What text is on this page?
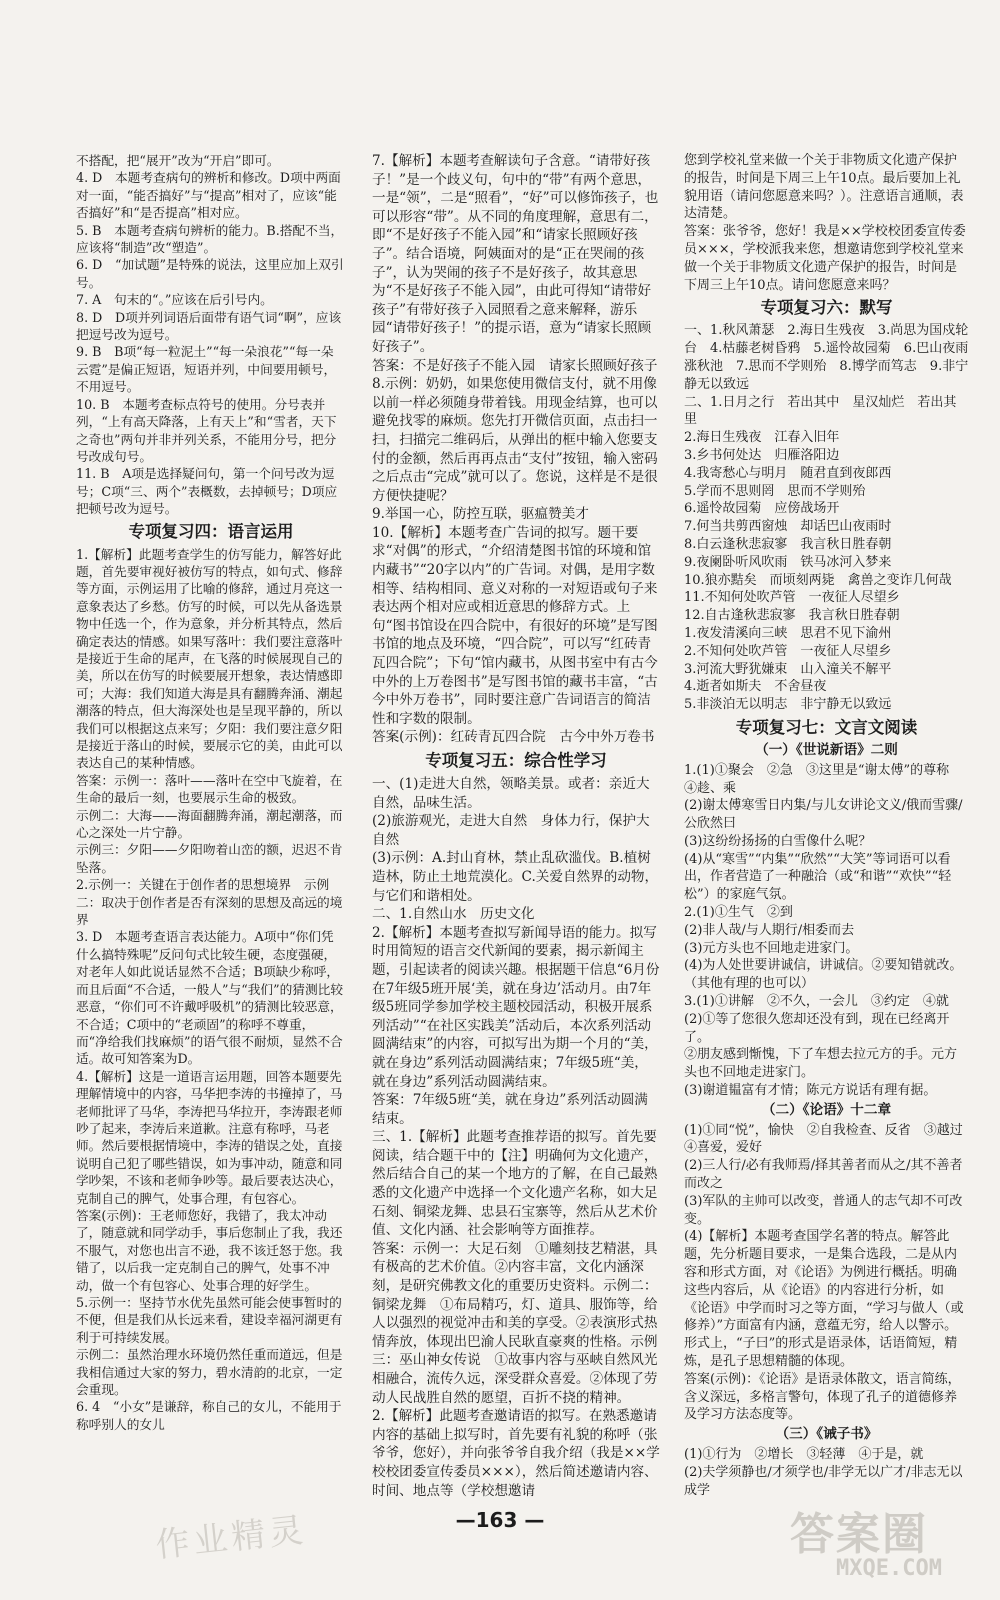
不搭配，把“展开”改为“开启”即可。

4. D　本题考查病句的辨析和修改。D项中两面对一面，“能否搞好”与“提高”相对了，应该“能否搞好”和“是否提高”相对应。

5. B　本题考查病句辨析的能力。B.搭配不当，应该将“制造”改“塑造”。

6. D　“加试题”是特殊的说法，这里应加上双引号。

7. A　句末的“。”应该在后引号内。

8. D　D项并列词语后面带有语气词“啊”，应该把逗号改为逗号。

9. B　B项“每一粒泥土”“每一朵浪花”“每一朵云霓”是偏正短语，短语并列，中间要用顿号，不用逗号。

10. B　本题考查标点符号的使用。分号表并列，“上有高天降落，上有天上”和“雪者，天下之奇也”两句并非并列关系，不能用分号，把分号改成句号。

11. B　A项是选择疑问句，第一个问号改为逗号；C项“三、两个”表概数，去掉顿号；D项应把顿号改为逗号。

专项复习四：语言运用

1.【解析】此题考查学生的仿写能力，解答好此题，首先要审视好被仿写的特点，如句式、修辞等方面，示例运用了比喻的修辞，通过月亮这一意象表达了乡愁。仿写的时候，可以先从备选景物中任选一个，作为意象，并分析其特点，然后确定表达的情感。如果写落叶：我们要注意落叶是接近于生命的尾声，在飞落的时候展现自己的美，所以在仿写的时候要展开想象，表达情感即可；大海：我们知道大海是具有翻腾奔涌、潮起潮落的特点，但大海深处也是呈现平静的，所以我们可以根据这点来写；夕阳：我们要注意夕阳是接近于落山的时候，要展示它的美，由此可以表达自己的某种情感。

答案：示例一：落叶——落叶在空中飞旋着，在生命的最后一刻，也要展示生命的极致。

示例二：大海——海面翻腾奔涌，潮起潮落，而心之深处一片宁静。

示例三：夕阳——夕阳吻着山峦的额，迟迟不肯坠落。

2.示例一：关键在于创作者的思想境界　示例二：取决于创作者是否有深刻的思想及高远的境界

3. D　本题考查语言表达能力。A项中“你们凭什么搞特殊呢”反问句式比较生硬，态度强硬，对老年人如此说话显然不合适；B项缺少称呼，而且后面“不合适，一般人”与“我们”的猜测比较恶意，“你们可不许戴呼吸机”的猜测比较恶意，不合适；C项中的“老顽固”的称呼不尊重，而“净给我们找麻烦”的语气很不耐烦，显然不合适。故可知答案为D。

4.【解析】这是一道语言运用题，回答本题要先理解情境中的内容，马华把李涛的书撞掉了，马老师批评了马华，李涛把马华拉开，李涛跟老师吵了起来，李涛后来道歉。注意有称呼，马老师。然后要根据情境中，李涛的错误之处，直接说明自己犯了哪些错误，如为事冲动，随意和同学吵架，不该和老师争吵等。最后要表达决心，克制自己的脾气，处事合理，有包容心。

答案(示例)：王老师您好，我错了，我太冲动了，随意就和同学动手，事后您制止了我，我还不服气，对您也出言不逊，我不该迁怒于您。我错了，以后我一定克制自己的脾气，处事不冲动，做一个有包容心、处事合理的好学生。

5.示例一：坚持节水优先虽然可能会使事暂时的不便，但是我们从长远来看，建设幸福河湖更有利于可持续发展。

示例二：虽然治理水环境仍然任重而道远，但是我相信通过大家的努力，碧水清韵的北京，一定会重现。

6. 4　“小女”是谦辞，称自己的女儿，不能用于称呼别人的女儿

7.【解析】本题考查解读句子含意。“请带好孩子！”是一个歧义句，句中的“带”有两个意思，一是“领”，二是“照看”，“好”可以修饰孩子，也可以形容“带”。从不同的角度理解，意思有二，即“不是好孩子不能入园”和“请家长照顾好孩子”。结合语境，阿姨面对的是“正在哭闹的孩子”，认为哭闹的孩子不是好孩子，故其意思为“不是好孩子不能入园”，由此可得知“请带好孩子”有带好孩子入园照看之意来解释，游乐园“请带好孩子！”的提示语，意为“请家长照顾好孩子”。

答案：不是好孩子不能入园　请家长照顾好孩子

8.示例：奶奶，如果您使用微信支付，就不用像以前一样必须随身带着钱。用现金结算，也可以避免找零的麻烦。您先打开微信页面，点击扫一扫，扫描完二维码后，从弹出的框中输入您要支付的金额，然后再再点击“支付”按钮，输入密码之后点击“完成”就可以了。您说，这样是不是很方便快捷呢？

9.举国一心，防控互联，驱瘟赞美才

10.【解析】本题考查广告词的拟写。题干要求“对偶”的形式，“介绍清楚图书馆的环境和馆内藏书”“20字以内”的广告词。对偶，是用字数相等、结构相同、意义对称的一对短语或句子来表达两个相对应或相近意思的修辞方式。上句“图书馆设在四合院中，有很好的环境”是写图书馆的地点及环境，“四合院”，可以写“红砖青瓦四合院”；下句“馆内藏书，从图书室中有古今中外的上万卷图书”是写图书馆的藏书丰富，“古今中外万卷书”，同时要注意广告词语言的简洁性和字数的限制。

答案(示例)：红砖青瓦四合院　古今中外万卷书

专项复习五：综合性学习

一、(1)走进大自然，领略美景。或者：亲近大自然，品味生活。

(2)旅游观光，走进大自然　身体力行，保护大自然

(3)示例：A.封山育林，禁止乱砍滥伐。B.植树造林，防止土地荒漠化。C.关爱自然界的动物，与它们和谐相处。

二、1.自然山水　历史文化

2.【解析】本题考查拟写新闻导语的能力。拟写时用简短的语言交代新闻的要素，揭示新闻主题，引起读者的阅读兴趣。根据题干信息“6月份在7年级5班开展‘美，就在身边’活动月。由7年级5班同学参加学校主题校园活动，积极开展系列活动”“在社区实践美”活动后，本次系列活动圆满结束”的内容，可拟写出为期一个月的“美，就在身边”系列活动圆满结束；7年级5班“美，就在身边”系列活动圆满结束。

答案：7年级5班“美，就在身边”系列活动圆满结束。

三、1.【解析】此题考查推荐语的拟写。首先要阅读，结合题干中的【注】明确何为文化遗产，然后结合自己的某一个地方的了解，在自己最熟悉的文化遗产中选择一个文化遗产名称，如大足石刻、铜梁龙舞、忠县石宝寨等，然后从艺术价值、文化内涵、社会影响等方面推荐。

答案：示例一：大足石刻　①雕刻技艺精湛，具有极高的艺术价值。②内容丰富，文化内涵深刻，是研究佛教文化的重要历史资料。示例二：铜梁龙舞　①布局精巧，灯、道具、服饰等，给人以强烈的视觉冲击和美的享受。②表演形式热情奔放，体现出巴渝人民耿直豪爽的性格。示例三：巫山神女传说　①故事内容与巫峡自然风光相融合，流传久远，深受群众喜爱。②体现了劳动人民战胜自然的愿望，百折不挠的精神。

2.【解析】此题考查邀请语的拟写。在熟悉邀请内容的基础上拟写时，首先要有礼貌的称呼（张爷爷，您好），并向张爷爷自我介绍（我是××学校校团委宣传委员×××），然后简述邀请内容、时间、地点等（学校想邀请

您到学校礼堂来做一个关于非物质文化遗产保护的报告，时间是下周三上午10点。最后要加上礼貌用语（请问您愿意来吗？）。注意语言通顺，表达清楚。

答案：张爷爷，您好！我是××学校校团委宣传委员×××，学校派我来您，想邀请您到学校礼堂来做一个关于非物质文化遗产保护的报告，时间是下周三上午10点。请问您愿意来吗？

专项复习六：默写

一、1.秋风萧瑟　2.海日生残夜　3.尚思为国戍轮台　4.枯藤老树昏鸦　5.遥怜故园菊　6.巴山夜雨涨秋池　7.思而不学则殆　8.博学而笃志　9.非宁静无以致远

二、1.日月之行　若出其中　星汉灿烂　若出其里

2.海日生残夜　江春入旧年

3.乡书何处达　归雁洛阳边

4.我寄愁心与明月　随君直到夜郎西

5.学而不思则罔　思而不学则殆

6.遥怜故园菊　应傍战场开

7.何当共剪西窗烛　却话巴山夜雨时

8.白云逢秋悲寂寥　我言秋日胜春朝

9.夜阑卧听风吹雨　铁马冰河入梦来

10.狼亦黠矣　而顷刻两毙　禽兽之变诈几何哉

11.不知何处吹芦管　一夜征人尽望乡

12.自古逢秋悲寂寥　我言秋日胜春朝

1.夜发清溪向三峡　思君不见下渝州

2.不知何处吹芦管　一夜征人尽望乡

3.河流大野犹嫌束　山入潼关不解平

4.逝者如斯夫　不舍昼夜

5.非淡泊无以明志　非宁静无以致远

专项复习七：文言文阅读
（一）《世说新语》二则

1.(1)①聚会　②急　③这里是“谢太傅”的尊称　④趁、乘

(2)谢太傅寒雪日内集/与儿女讲论文义/俄而雪骤/公欣然曰

(3)这纷纷扬扬的白雪像什么呢？

(4)从“寒雪”“内集”“欣然”“大笑”等词语可以看出，作者营造了一种融洽（或“和谐”“欢快”“轻松”）的家庭气氛。

2.(1)①生气　②到

(2)非人哉/与人期行/相委而去

(3)元方头也不回地走进家门。

(4)为人处世要讲诚信，讲诚信。②要知错就改。（其他有理的也可以）

3.(1)①讲解　②不久，一会儿　③约定　④就

(2)①等了您很久您却还没有到，现在已经离开了。

②朋友感到惭愧，下了车想去拉元方的手。元方头也不回地走进家门。

(3)谢道韫富有才情；陈元方说话有理有据。

（二）《论语》十二章

(1)①同“悦”，愉快　②自我检查、反省　③越过　④喜爱，爱好

(2)三人行/必有我师焉/择其善者而从之/其不善者而改之

(3)军队的主帅可以改变，普通人的志气却不可改变。

(4)【解析】本题考查国学名著的特点。解答此题，先分析题目要求，一是集合选段，二是从内容和形式方面，对《论语》为例进行概括。明确这些内容后，从《论语》的内容进行分析，如《论语》中学而时习之等方面，“学习与做人（或修养）”方面富有内涵，意蕴无穷，给人以警示。形式上，“子曰”的形式是语录体，话语简短，精炼，是孔子思想精髓的体现。

答案(示例)：《论语》是语录体散文，语言简练，含义深远，多格言警句，体现了孔子的道德修养及学习方法态度等。

（三）《诫子书》

(1)①行为　②增长　③轻薄　④于是，就

(2)夫学须静也/才须学也/非学无以广才/非志无以成学

—163 —
作业精灵	答案圈
MXQE.COM
